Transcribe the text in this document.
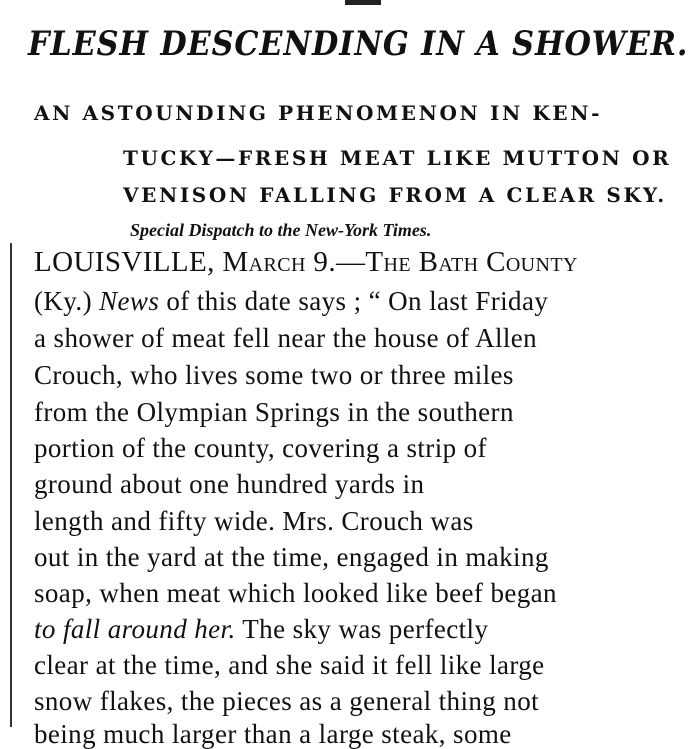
FLESH DESCENDING IN A SHOWER.
AN ASTOUNDING PHENOMENON IN KEN-
TUCKY—FRESH MEAT LIKE MUTTON OR
VENISON FALLING FROM A CLEAR SKY.
Special Dispatch to the New-York Times.
LOUISVILLE, March 9.—The Bath County
(Ky.) News of this date says ; “ On last Friday
a shower of meat fell near the house of Allen
Crouch, who lives some two or three miles
from the Olympian Springs in the southern
portion of the county, covering a strip of
ground about one hundred yards in
length and fifty wide. Mrs. Crouch was
out in the yard at the time, engaged in making
soap, when meat which looked like beef began
to fall around her. The sky was perfectly
clear at the time, and she said it fell like large
snow flakes, the pieces as a general thing not
being much larger than a large steak, some
